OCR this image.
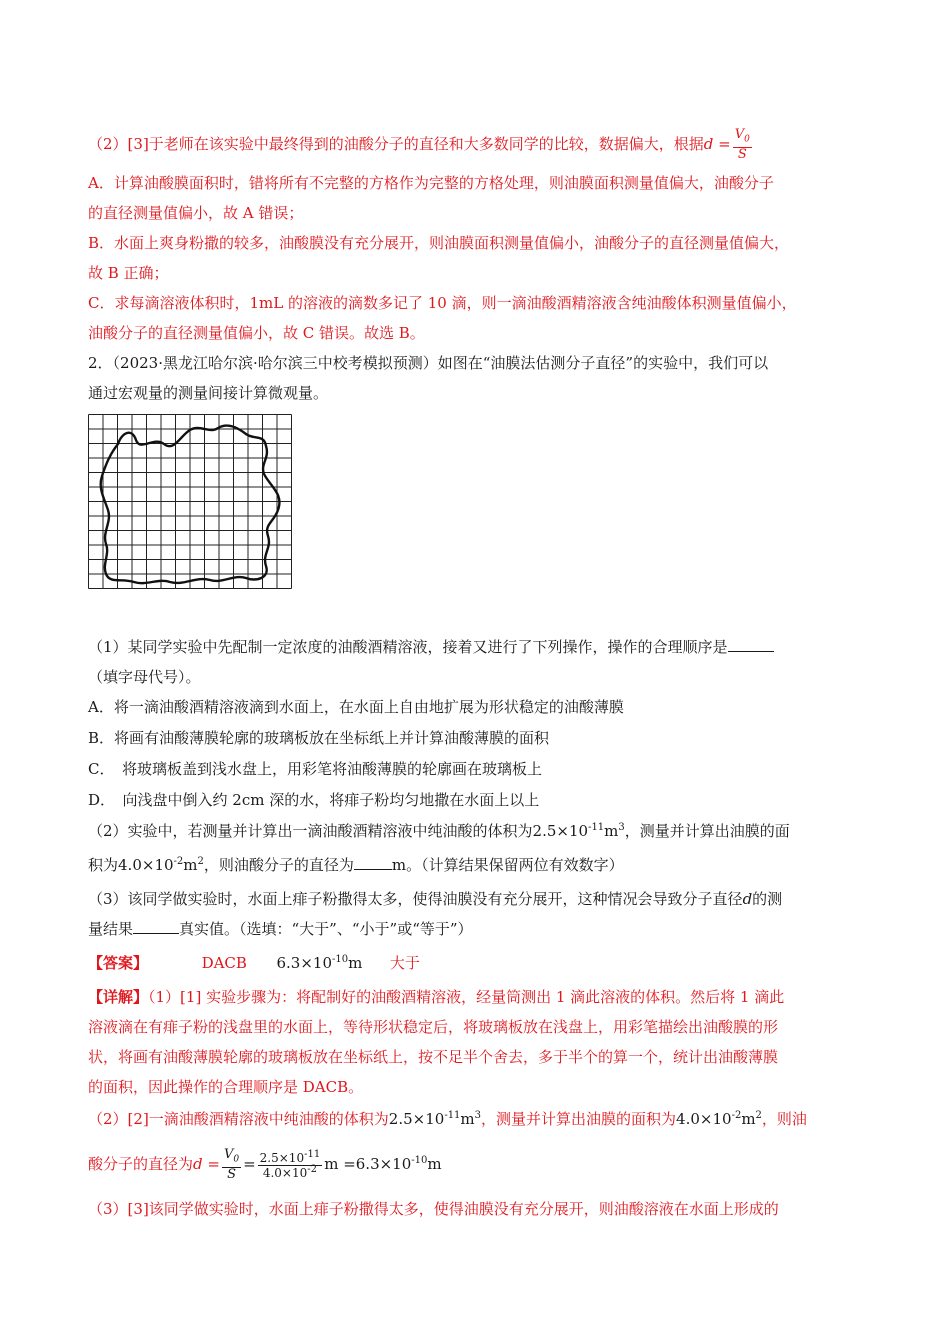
（2）[3]于老师在该实验中最终得到的油酸分子的直径和大多数同学的比较，数据偏大，根据$d = \frac{V_0}{S}$
A．计算油酸膜面积时，错将所有不完整的方格作为完整的方格处理，则油膜面积测量值偏大，油酸分子
的直径测量值偏小，故 A 错误；
B．水面上爽身粉撒的较多，油酸膜没有充分展开，则油膜面积测量值偏小，油酸分子的直径测量值偏大，
故 B 正确；
C．求每滴溶液体积时，1mL 的溶液的滴数多记了 10 滴，则一滴油酸酒精溶液含纯油酸体积测量值偏小，
油酸分子的直径测量值偏小，故 C 错误。故选 B。
2．（2023·黑龙江哈尔滨·哈尔滨三中校考模拟预测）如图在“油膜法估测分子直径”的实验中，我们可以
通过宏观量的测量间接计算微观量。
（1）某同学实验中先配制一定浓度的油酸酒精溶液，接着又进行了下列操作，操作的合理顺序是
（填字母代号）。
A．将一滴油酸酒精溶液滴到水面上，在水面上自由地扩展为形状稳定的油酸薄膜
B．将画有油酸薄膜轮廓的玻璃板放在坐标纸上并计算油酸薄膜的面积
C．　将玻璃板盖到浅水盘上，用彩笔将油酸薄膜的轮廓画在玻璃板上
D．　向浅盘中倒入约 2cm 深的水，将痱子粉均匀地撒在水面上以上
（2）实验中，若测量并计算出一滴油酸酒精溶液中纯油酸的体积为$2.5\times 10^{-11}m^3$，测量并计算出油膜的面
积为$4.0\times 10^{-2}m^2$，则油酸分子的直径为	m。（计算结果保留两位有效数字）
（3）该同学做实验时，水面上痱子粉撒得太多，使得油膜没有充分展开，这种情况会导致分子直径d的测
量结果	真实值。（选填：“大于”、“小于”或“等于”）
【答案】	DACB $6.3\times 10^{-10}m$ 大于
【详解】（1）[1] 实验步骤为：将配制好的油酸酒精溶液，经量筒测出 1 滴此溶液的体积。然后将 1 滴此
溶液滴在有痱子粉的浅盘里的水面上，等待形状稳定后，将玻璃板放在浅盘上，用彩笔描绘出油酸膜的形
状，将画有油酸薄膜轮廓的玻璃板放在坐标纸上，按不足半个舍去，多于半个的算一个，统计出油酸薄膜
的面积，因此操作的合理顺序是 DACB。
（2）[2]一滴油酸酒精溶液中纯油酸的体积为$2.5\times 10^{-11}m^3$，测量并计算出油膜的面积为$4.0\times 10^{-2}m^2$，则油
酸分子的直径为$d = \frac{V_0}{S} = \frac{2.5\times 10^{-11}}{4.0\times 10^{-2}}$ $m =6.3\times 10^{-10}m$
（3）[3]该同学做实验时，水面上痱子粉撒得太多，使得油膜没有充分展开，则油酸溶液在水面上形成的
